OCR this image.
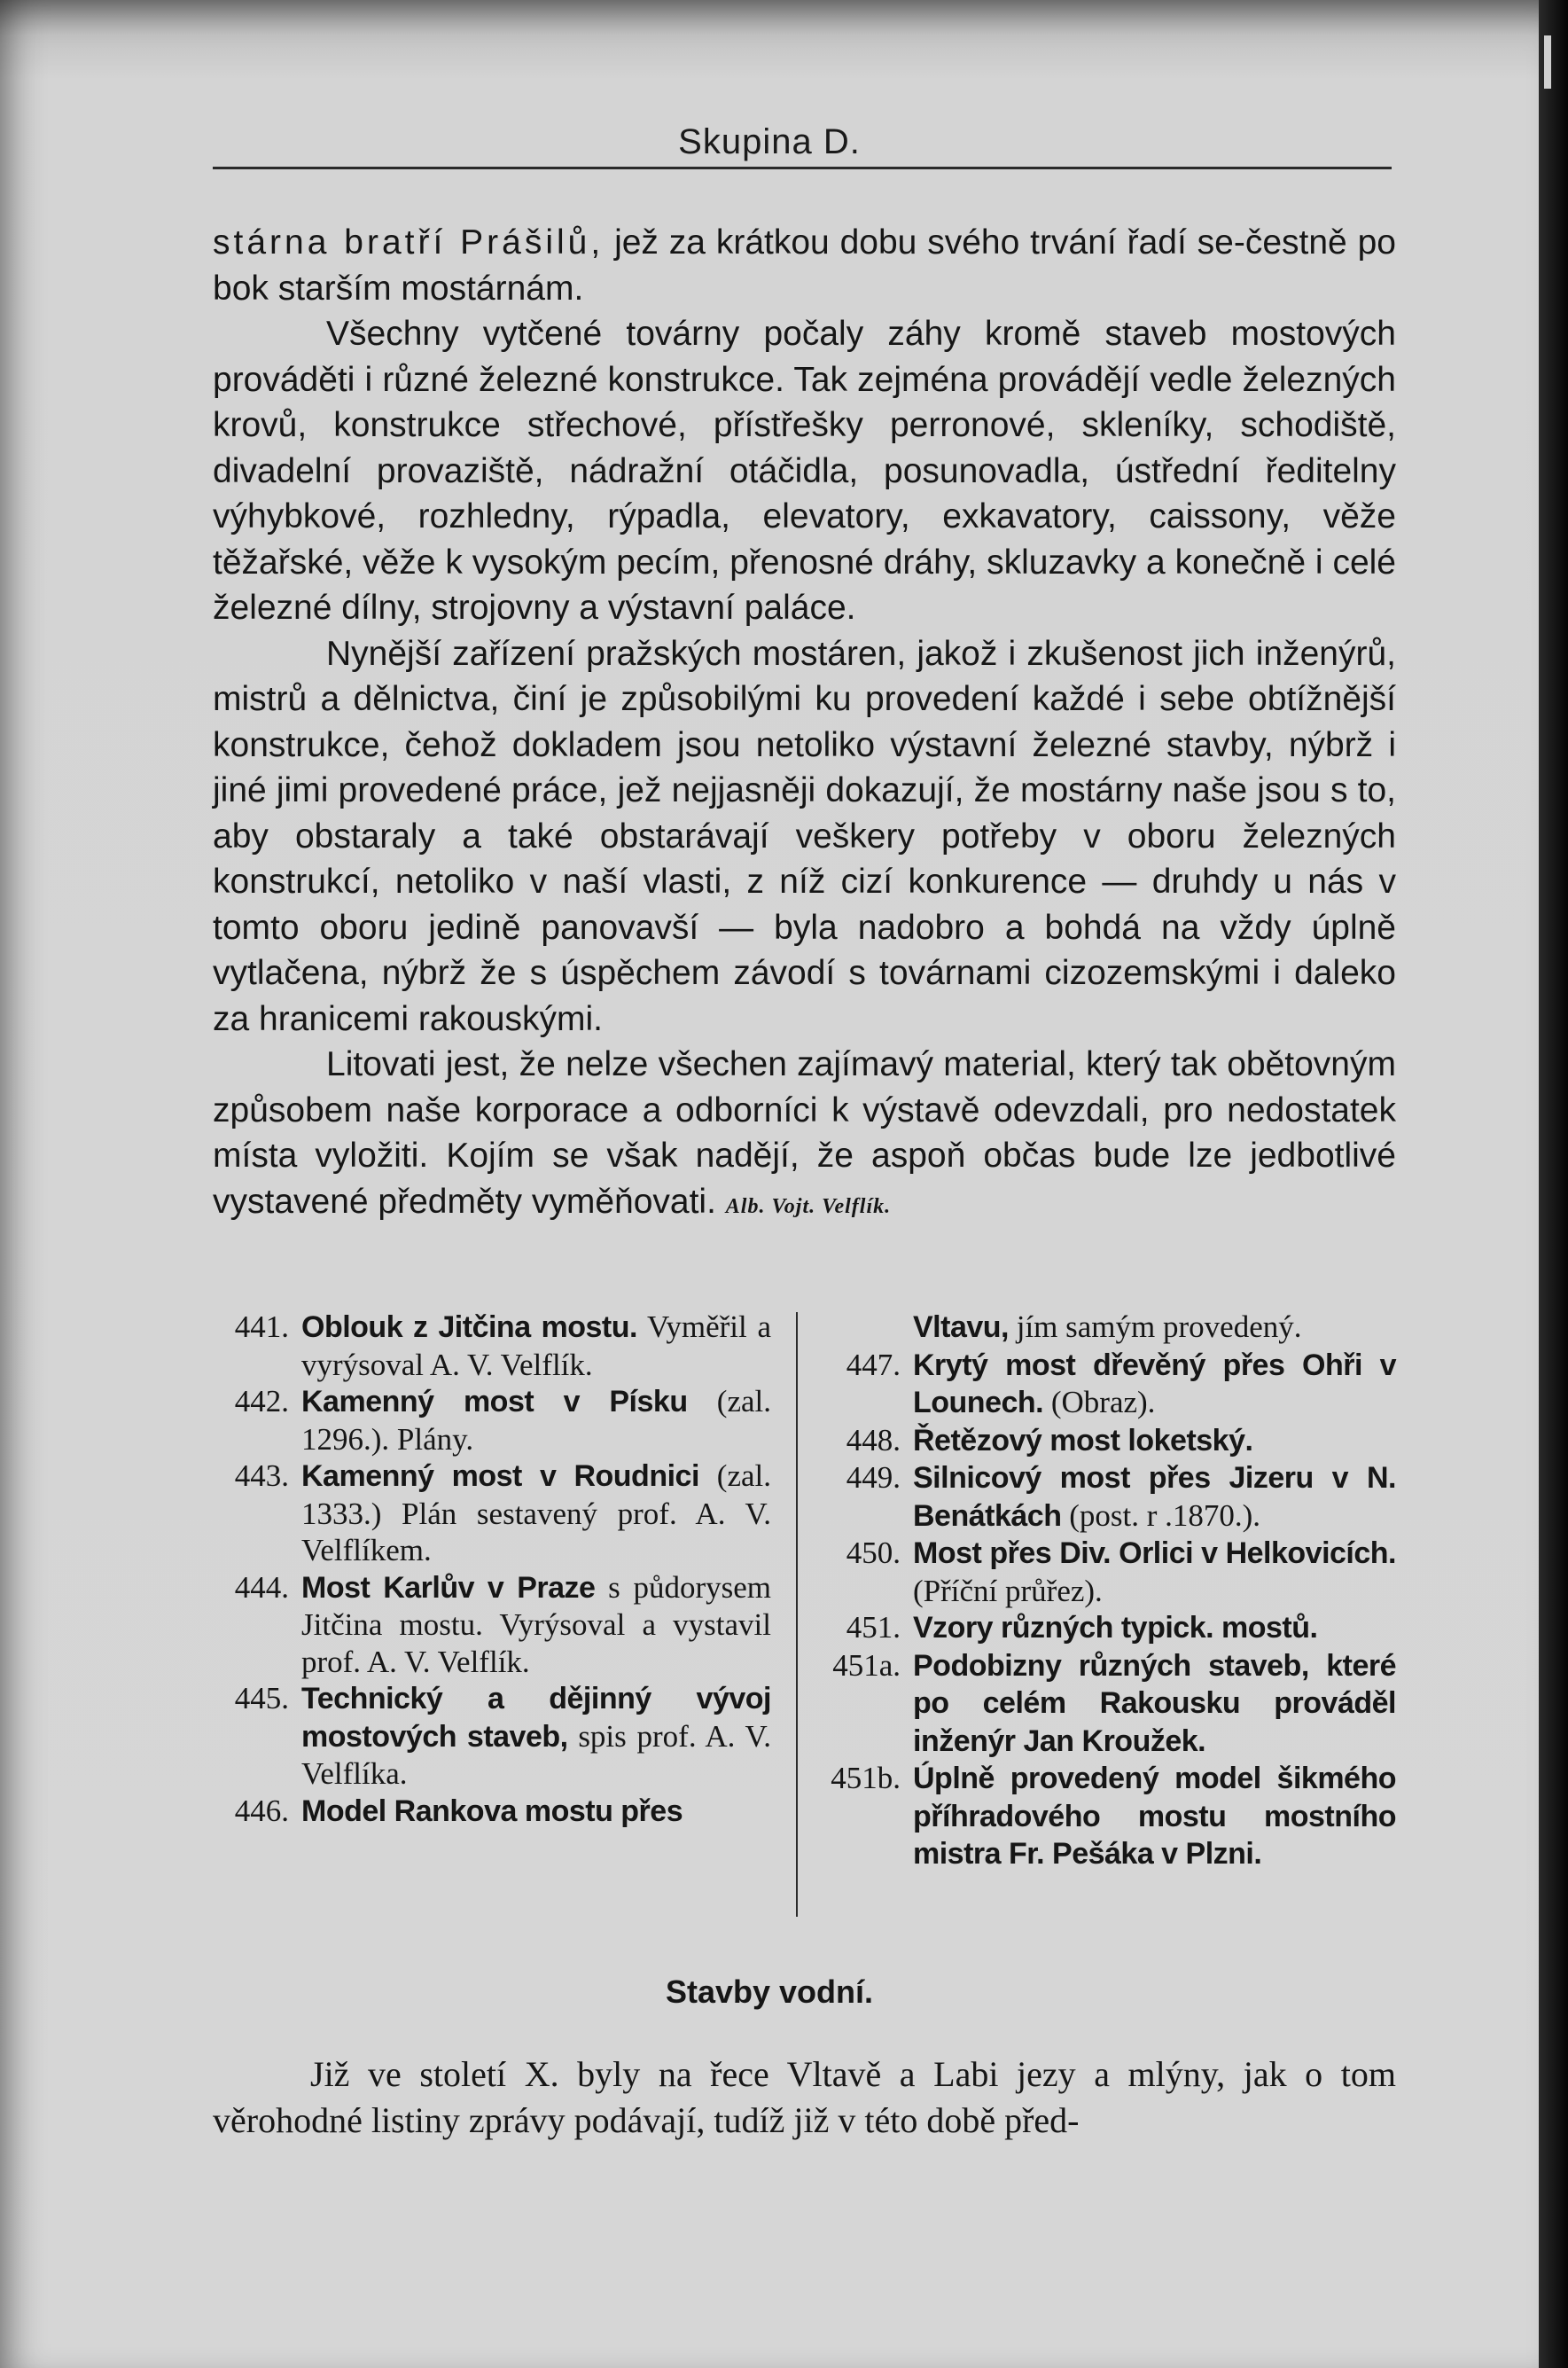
Skupina D.

stárna bratří Prášilů, jež za krátkou dobu svého trvání řadí se-čestně po bok starším mostárnám.

Všechny vytčené továrny počaly záhy kromě staveb mostových prováděti i různé železné konstrukce. Tak zejména provádějí vedle železných krovů, konstrukce střechové, přístřešky perronové, skleníky, schodiště, divadelní provaziště, nádražní otáčidla, posunovadla, ústřední ředitelny výhybkové, rozhledny, rýpadla, elevatory, exkavatory, caissony, věže těžařské, věže k vysokým pecím, přenosné dráhy, skluzavky a konečně i celé železné dílny, strojovny a výstavní paláce.

Nynější zařízení pražských mostáren, jakož i zkušenost jich inženýrů, mistrů a dělnictva, činí je způsobilými ku provedení každé i sebe obtížnější konstrukce, čehož dokladem jsou netoliko výstavní železné stavby, nýbrž i jiné jimi provedené práce, jež nejjasněji dokazují, že mostárny naše jsou s to, aby obstaraly a také obstarávají veškery potřeby v oboru železných konstrukcí, netoliko v naší vlasti, z níž cizí konkurence — druhdy u nás v tomto oboru jedině panovavší — byla nadobro a bohdá na vždy úplně vytlačena, nýbrž že s úspěchem závodí s továrnami cizozemskými i daleko za hranicemi rakouskými.

Litovati jest, že nelze všechen zajímavý material, který tak obětovným způsobem naše korporace a odborníci k výstavě odevzdali, pro nedostatek místa vyložiti. Kojím se však nadějí, že aspoň občas bude lze jedbotlivé vystavené předměty vyměňovati. Alb. Vojt. Velflík.

441. Oblouk z Jitčina mostu. Vyměřil a vyrýsoval A. V. Velflík.
442. Kamenný most v Písku (zal. 1296.). Plány.
443. Kamenný most v Roudnici (zal. 1333.) Plán sestavený prof. A. V. Velflíkem.
444. Most Karlův v Praze s půdorysem Jitčina mostu. Vyrýsoval a vystavil prof. A. V. Velflík.
445. Technický a dějinný vývoj mostových staveb, spis prof. A. V. Velflíka.
446. Model Rankova mostu přes
Vltavu, jím samým provedený.
447. Krytý most dřevěný přes Ohři v Lounech. (Obraz).
448. Řetězový most loketský.
449. Silnicový most přes Jizeru v N. Benátkách (post. r .1870.).
450. Most přes Div. Orlici v Helkovicích. (Příční průřez).
451. Vzory různých typick. mostů.
451a. Podobizny různých staveb, které po celém Rakousku prováděl inženýr Jan Kroužek.
451b. Úplně provedený model šikmého příhradového mostu mostního mistra Fr. Pešáka v Plzni.
Stavby vodní.

Již ve století X. byly na řece Vltavě a Labi jezy a mlýny, jak o tom věrohodné listiny zprávy podávají, tudíž již v této době před-
